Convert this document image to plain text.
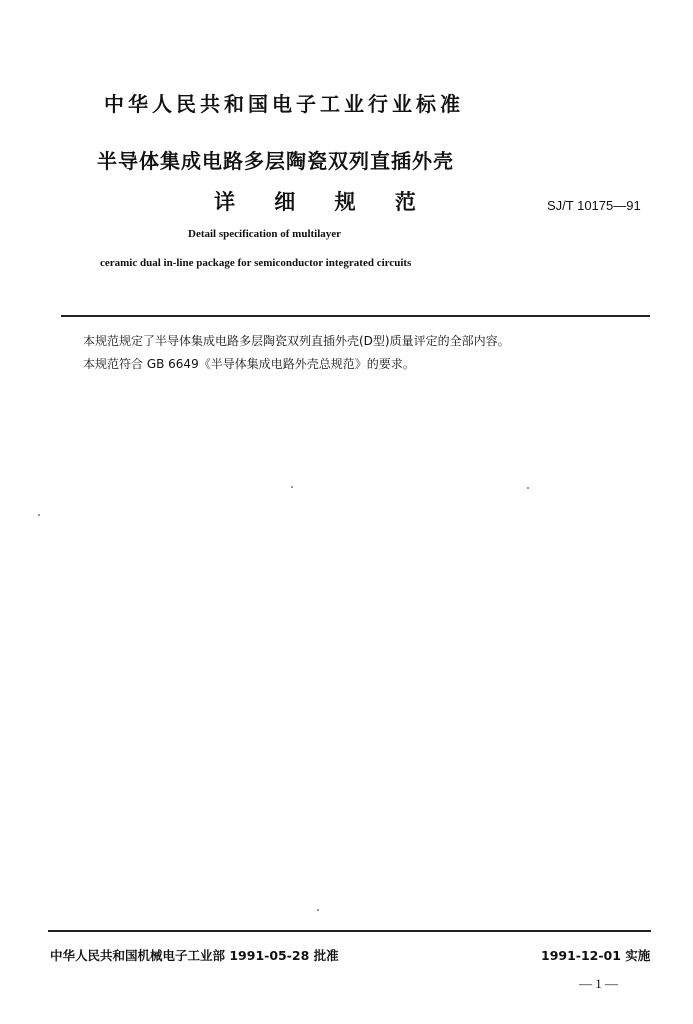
中华人民共和国电子工业行业标准
半导体集成电路多层陶瓷双列直插外壳
详 细 规 范	SJ/T 10175—91
Detail specification of multilayer
ceramic dual in-line package for semiconductor integrated circuits
本规范规定了半导体集成电路多层陶瓷双列直插外壳(D型)质量评定的全部内容。
本规范符合 GB 6649《半导体集成电路外壳总规范》的要求。
中华人民共和国机械电子工业部 1991-05-28 批准	1991-12-01 实施
— 1 —
